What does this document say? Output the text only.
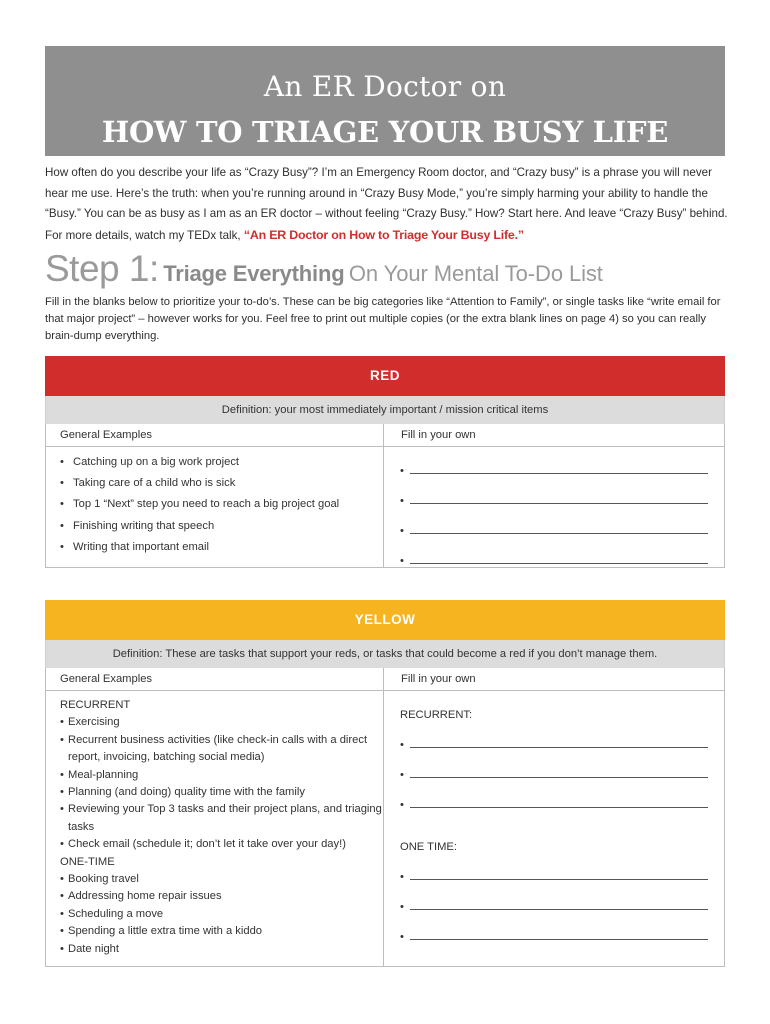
An ER Doctor on
HOW TO TRIAGE YOUR BUSY LIFE
How often do you describe your life as “Crazy Busy”? I’m an Emergency Room doctor, and “Crazy busy” is a phrase you will never hear me use. Here’s the truth: when you’re running around in “Crazy Busy Mode,” you’re simply harming your ability to handle the “Busy.” You can be as busy as I am as an ER doctor – without feeling “Crazy Busy.” How? Start here. And leave “Crazy Busy” behind. For more details, watch my TEDx talk, “An ER Doctor on How to Triage Your Busy Life.”
Step 1: Triage Everything On Your Mental To-Do List
Fill in the blanks below to prioritize your to-do’s. These can be big categories like “Attention to Family”, or single tasks like “write email for that major project” – however works for you. Feel free to print out multiple copies (or the extra blank lines on page 4) so you can really brain-dump everything.
RED
Definition: your most immediately important / mission critical items
General Examples
• Catching up on a big work project
• Taking care of a child who is sick
• Top 1 “Next” step you need to reach a big project goal
• Finishing writing that speech
• Writing that important email
Fill in your own
•
•
•
•
YELLOW
Definition: These are tasks that support your reds, or tasks that could become a red if you don’t manage them.
General Examples
RECURRENT
• Exercising
• Recurrent business activities (like check-in calls with a direct report, invoicing, batching social media)
• Meal-planning
• Planning (and doing) quality time with the family
• Reviewing your Top 3 tasks and their project plans, and triaging tasks
• Check email (schedule it; don’t let it take over your day!)
ONE-TIME
• Booking travel
• Addressing home repair issues
• Scheduling a move
• Spending a little extra time with a kiddo
• Date night
Fill in your own
RECURRENT:
•
•
•
ONE TIME:
•
•
•
